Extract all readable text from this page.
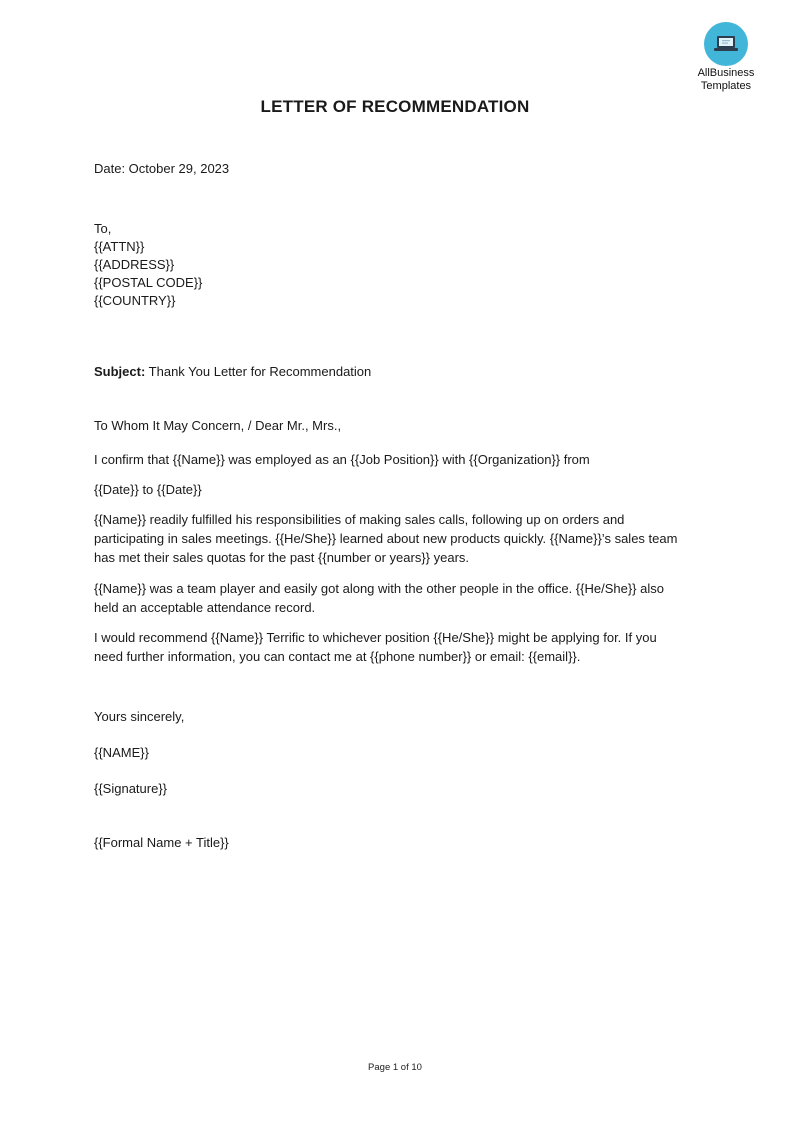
AllBusiness
Templates
LETTER OF RECOMMENDATION
Date: October 29, 2023
To,
{{ATTN}}
{{ADDRESS}}
{{POSTAL CODE}}
{{COUNTRY}}
Subject: Thank You Letter for Recommendation
To Whom It May Concern, / Dear Mr., Mrs.,
I confirm that {{Name}} was employed as an {{Job Position}} with {{Organization}} from
{{Date}} to {{Date}}
{{Name}} readily fulfilled his responsibilities of making sales calls, following up on orders and
participating in sales meetings. {{He/She}} learned about new products quickly. {{Name}}’s sales team
has met their sales quotas for the past {{number or years}} years.
{{Name}} was a team player and easily got along with the other people in the office. {{He/She}} also
held an acceptable attendance record.
I would recommend {{Name}} Terrific to whichever position {{He/She}} might be applying for. If you
need further information, you can contact me at {{phone number}} or email: {{email}}.
Yours sincerely,
{{NAME}}
{{Signature}}
{{Formal Name + Title}}
Page 1 of 10
